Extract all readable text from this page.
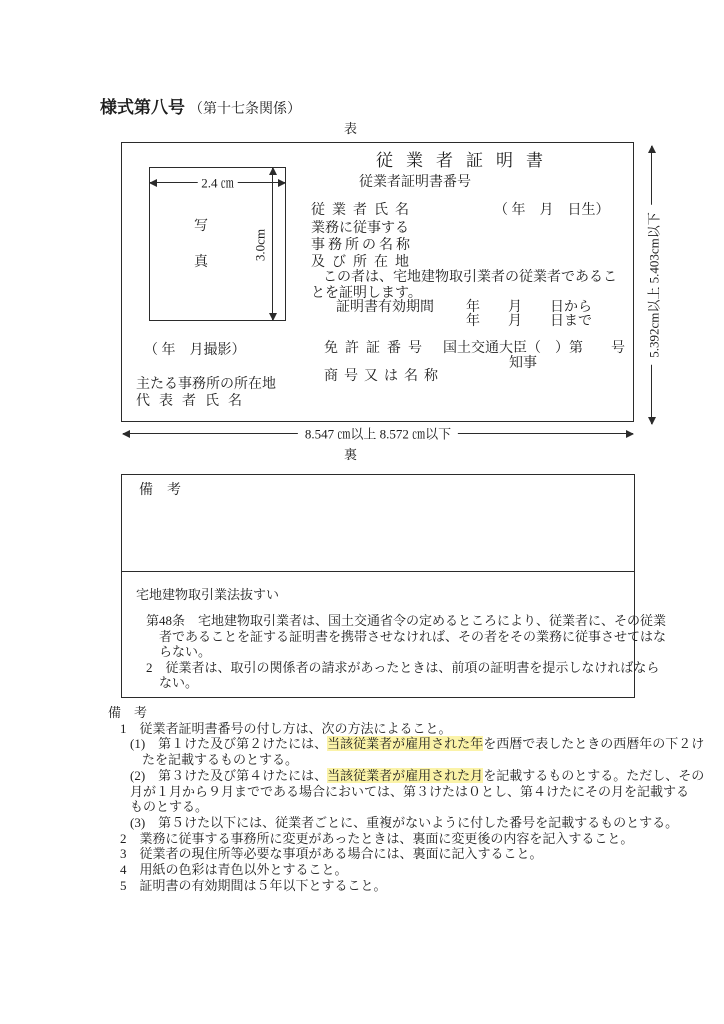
様式第八号 （第十七条関係）
表
2.4 ㎝
3.0cm
写
真
（ 年　月撮影）
主たる事務所の所在地
代表者氏名
従業者証明書
従業者証明書番号
従業者氏名	（ 年　月　日生）
業務に従事する
事務所の名称
及び所在地
この者は、宅地建物取引業者の従業者であるこ
とを証明します。
証明書有効期間 年　　月　　日から
年　　月　　日まで
免許証番号 国土交通大臣（　）第　　号
知事
商号又は名称
5.392cm以上 5.403cm以下
8.547 ㎝以上 8.572 ㎝以下
裏
備　考
宅地建物取引業法抜すい
第48条　宅地建物取引業者は、国土交通省令の定めるところにより、従業者に、その従業
者であることを証する証明書を携帯させなければ、その者をその業務に従事させてはな
らない。
2　従業者は、取引の関係者の請求があったときは、前項の証明書を提示しなければなら
ない。
備　考
1　従業者証明書番号の付し方は、次の方法によること。
(1)　第１けた及び第２けたには、当該従業者が雇用された年を西暦で表したときの西暦年の下２け
たを記載するものとする。
(2)　第３けた及び第４けたには、当該従業者が雇用された月を記載するものとする。ただし、その
月が１月から９月までである場合においては、第３けたは０とし、第４けたにその月を記載する
ものとする。
(3)　第５けた以下には、従業者ごとに、重複がないように付した番号を記載するものとする。
2　業務に従事する事務所に変更があったときは、裏面に変更後の内容を記入すること。
3　従業者の現住所等必要な事項がある場合には、裏面に記入すること。
4　用紙の色彩は青色以外とすること。
5　証明書の有効期間は５年以下とすること。
